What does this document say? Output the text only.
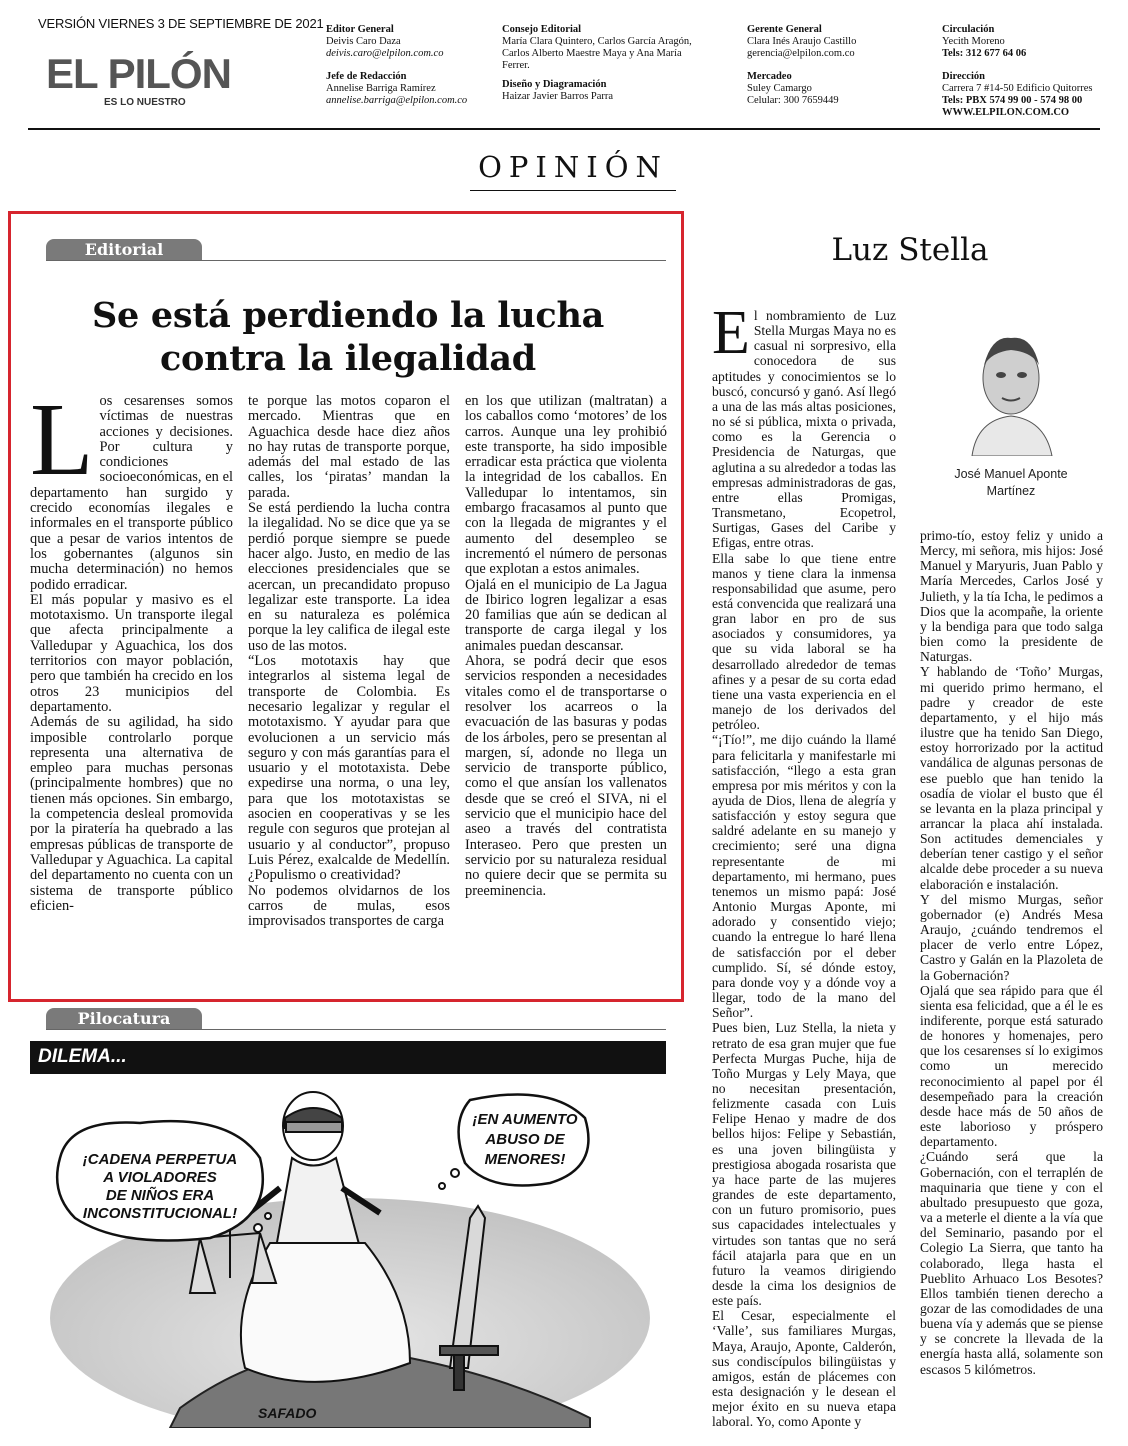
VERSIÓN VIERNES 3 DE SEPTIEMBRE DE 2021
EL PILÓN
ES LO NUESTRO
Editor General
Deivis Caro Daza
deivis.caro@elpilon.com.co
Jefe de Redacción
Annelise Barriga Ramírez
annelise.barriga@elpilon.com.co
Consejo Editorial
María Clara Quintero, Carlos García Aragón,
Carlos Alberto Maestre Maya y Ana María
Ferrer.
Diseño y Diagramación
Haizar Javier Barros Parra
Gerente General
Clara Inés Araujo Castillo
gerencia@elpilon.com.co
Mercadeo
Suley Camargo
Celular: 300 7659449
Circulación
Yecith Moreno
Tels: 312 677 64 06
Dirección
Carrera 7 #14-50 Edificio Quitorres
Tels: PBX 574 99 00 - 574 98 00
WWW.ELPILON.COM.CO
OPINIÓN
Editorial
Se está perdiendo la lucha contra la ilegalidad
L os cesarenses somos víctimas de nuestras acciones y decisiones. Por cultura y condiciones socioeconómicas, en el departamento han surgido y crecido economías ilegales e informales en el transporte público que a pesar de varios intentos de los gobernantes (algunos sin mucha determinación) no hemos podido erradicar.

El más popular y masivo es el mototaxismo. Un transporte ilegal que afecta principalmente a Valledupar y Aguachica, los dos territorios con mayor población, pero que también ha crecido en los otros 23 municipios del departamento.

Además de su agilidad, ha sido imposible controlarlo porque representa una alternativa de empleo para muchas personas (principalmente hombres) que no tienen más opciones. Sin embargo, la competencia desleal promovida por la piratería ha quebrado a las empresas públicas de transporte de Valledupar y Aguachica. La capital del departamento no cuenta con un sistema de transporte público eficien-

te porque las motos coparon el mercado. Mientras que en Aguachica desde hace diez años no hay rutas de transporte porque, además del mal estado de las calles, los ‘piratas’ mandan la parada.

Se está perdiendo la lucha contra la ilegalidad. No se dice que ya se perdió porque siempre se puede hacer algo. Justo, en medio de las elecciones presidenciales que se acercan, un precandidato propuso legalizar este transporte. La idea en su naturaleza es polémica porque la ley califica de ilegal este uso de las motos.

“Los mototaxis hay que integrarlos al sistema legal de transporte de Colombia. Es necesario legalizar y regular el mototaxismo. Y ayudar para que evolucionen a un servicio más seguro y con más garantías para el usuario y el mototaxista. Debe expedirse una norma, o una ley, para que los mototaxistas se asocien en cooperativas y se les regule con seguros que protejan al usuario y al conductor”, propuso Luis Pérez, exalcalde de Medellín. ¿Populismo o creatividad?

No podemos olvidarnos de los carros de mulas, esos improvisados transportes de carga

en los que utilizan (maltratan) a los caballos como ‘motores’ de los carros. Aunque una ley prohibió este transporte, ha sido imposible erradicar esta práctica que violenta la integridad de los caballos. En Valledupar lo intentamos, sin embargo fracasamos al punto que con la llegada de migrantes y el aumento del desempleo se incrementó el número de personas que explotan a estos animales.

Ojalá en el municipio de La Jagua de Ibirico logren legalizar a esas 20 familias que aún se dedican al transporte de carga ilegal y los animales puedan descansar.

Ahora, se podrá decir que esos servicios responden a necesidades vitales como el de transportarse o resolver los acarreos o la evacuación de las basuras y podas de los árboles, pero se presentan al margen, sí, adonde no llega un servicio de transporte público, como el que ansían los vallenatos desde que se creó el SIVA, ni el servicio que el municipio hace del aseo a través del contratista Interaseo. Pero que presten un servicio por su naturaleza residual no quiere decir que se permita su preeminencia.

Pilocatura
DILEMA...
¡CADENA PERPETUA
A VIOLADORES
DE NIÑOS ERA
INCONSTITUCIONAL!
¡EN AUMENTO
ABUSO DE
MENORES!
SAFADO
Luz Stella
José Manuel Aponte
Martínez
E l nombramiento de Luz Stella Murgas Maya no es casual ni sorpresivo, ella conocedora de sus aptitudes y conocimientos se lo buscó, concursó y ganó. Así llegó a una de las más altas posiciones, no sé si pública, mixta o privada, como es la Gerencia o Presidencia de Naturgas, que aglutina a su alrededor a todas las empresas administradoras de gas, entre ellas Promigas, Transmetano, Ecopetrol, Surtigas, Gases del Caribe y Efigas, entre otras.

Ella sabe lo que tiene entre manos y tiene clara la inmensa responsabilidad que asume, pero está convencida que realizará una gran labor en pro de sus asociados y consumidores, ya que su vida laboral se ha desarrollado alrededor de temas afines y a pesar de su corta edad tiene una vasta experiencia en el manejo de los derivados del petróleo.

“¡Tío!”, me dijo cuándo la llamé para felicitarla y manifestarle mi satisfacción, “llego a esta gran empresa por mis méritos y con la ayuda de Dios, llena de alegría y satisfacción y estoy segura que saldré adelante en su manejo y crecimiento; seré una digna representante de mi departamento, mi hermano, pues tenemos un mismo papá: José Antonio Murgas Aponte, mi adorado y consentido viejo; cuando la entregue lo haré llena de satisfacción por el deber cumplido. Sí, sé dónde estoy, para donde voy y a dónde voy a llegar, todo de la mano del Señor”.

Pues bien, Luz Stella, la nieta y retrato de esa gran mujer que fue Perfecta Murgas Puche, hija de Toño Murgas y Lely Maya, que no necesitan presentación, felizmente casada con Luis Felipe Henao y madre de dos bellos hijos: Felipe y Sebastián, es una joven bilingüista y prestigiosa abogada rosarista que ya hace parte de las mujeres grandes de este departamento, con un futuro promisorio, pues sus capacidades intelectuales y virtudes son tantas que no será fácil atajarla para que en un futuro la veamos dirigiendo desde la cima los designios de este país.

El Cesar, especialmente el ‘Valle’, sus familiares Murgas, Maya, Araujo, Aponte, Calderón, sus condiscípulos bilingüistas y amigos, están de plácemes con esta designación y le desean el mejor éxito en su nueva etapa laboral. Yo, como Aponte y

primo-tío, estoy feliz y unido a Mercy, mi señora, mis hijos: José Manuel y Maryuris, Juan Pablo y María Mercedes, Carlos José y Julieth, y la tía Icha, le pedimos a Dios que la acompañe, la oriente y la bendiga para que todo salga bien como la presidente de Naturgas.

Y hablando de ‘Toño’ Murgas, mi querido primo hermano, el padre y creador de este departamento, y el hijo más ilustre que ha tenido San Diego, estoy horrorizado por la actitud vandálica de algunas personas de ese pueblo que han tenido la osadía de violar el busto que él se levanta en la plaza principal y arrancar la placa ahí instalada. Son actitudes demenciales y deberían tener castigo y el señor alcalde debe proceder a su nueva elaboración e instalación.

Y del mismo Murgas, señor gobernador (e) Andrés Mesa Araujo, ¿cuándo tendremos el placer de verlo entre López, Castro y Galán en la Plazoleta de la Gobernación?

Ojalá que sea rápido para que él sienta esa felicidad, que a él le es indiferente, porque está saturado de honores y homenajes, pero que los cesarenses sí lo exigimos como un merecido reconocimiento al papel por él desempeñado para la creación desde hace más de 50 años de este laborioso y próspero departamento.

¿Cuándo será que la Gobernación, con el terraplén de maquinaria que tiene y con el abultado presupuesto que goza, va a meterle el diente a la vía que del Seminario, pasando por el Colegio La Sierra, que tanto ha colaborado, llega hasta el Pueblito Arhuaco Los Besotes? Ellos también tienen derecho a gozar de las comodidades de una buena vía y además que se piense y se concrete la llevada de la energía hasta allá, solamente son escasos 5 kilómetros.
